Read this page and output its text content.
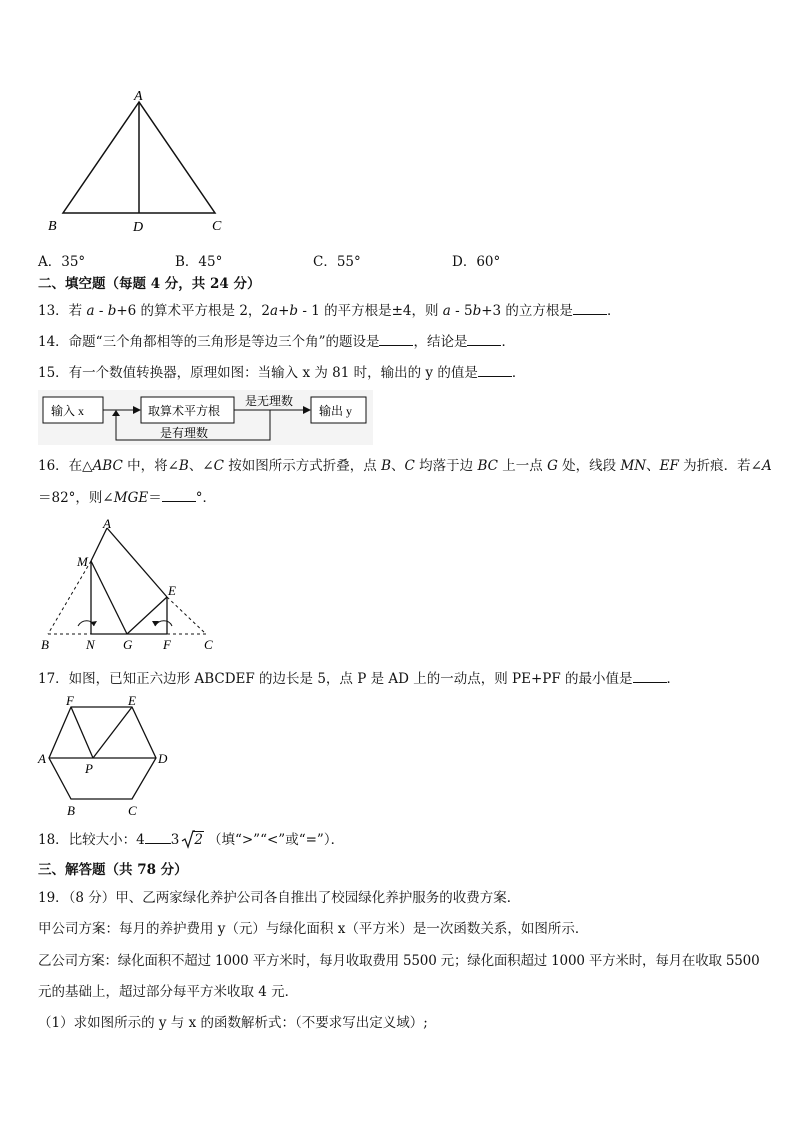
A
B	D	C
A．35°	B．45°	C．55°	D．60°
二、填空题（每题 4 分，共 24 分）
13．若 a - b+6 的算术平方根是 2，2a+b - 1 的平方根是±4，则 a - 5b+3 的立方根是	．
14．命题“三个角都相等的三角形是等边三个角”的题设是	，结论是	．
15．有一个数值转换器，原理如图：当输入 x 为 81 时，输出的 y 的值是	．
输入 x	取算术平方根
是无理数
输出 y
是有理数
16．在△ABC 中，将∠B、∠C 按如图所示方式折叠，点 B、C 均落于边 BC 上一点 G 处，线段 MN、EF 为折痕．若∠A
＝82°，则∠MGE＝	°．
A
M
E
B	N G F	C
17．如图，已知正六边形 ABCDEF 的边长是 5，点 P 是 AD 上的一动点，则 PE+PF 的最小值是	．
F	E
A
P
D
B	C
18．比较大小：4 3 2 （填“>”“<”或“=”）．
三、解答题（共 78 分）
19．（8 分）甲、乙两家绿化养护公司各自推出了校园绿化养护服务的收费方案．
甲公司方案：每月的养护费用 y（元）与绿化面积 x（平方米）是一次函数关系，如图所示．
乙公司方案：绿化面积不超过 1000 平方米时，每月收取费用 5500 元；绿化面积超过 1000 平方米时，每月在收取 5500
元的基础上，超过部分每平方米收取 4 元．
（1）求如图所示的 y 与 x 的函数解析式：（不要求写出定义域）;
